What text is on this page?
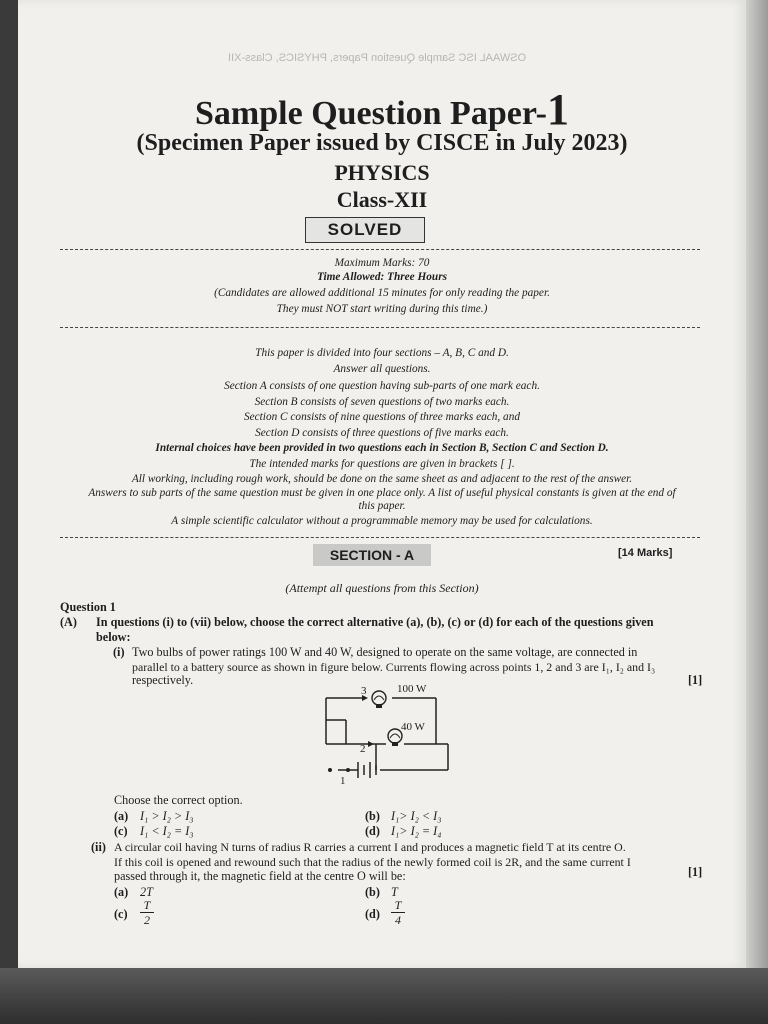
OSWAAL ISC Sample Question Papers, PHYSICS, Class-XII
Sample Question Paper-1
(Specimen Paper issued by CISCE in July 2023)
PHYSICS
Class-XII
SOLVED
Maximum Marks: 70
Time Allowed: Three Hours
(Candidates are allowed additional 15 minutes for only reading the paper.
They must NOT start writing during this time.)
This paper is divided into four sections – A, B, C and D.
Answer all questions.
Section A consists of one question having sub-parts of one mark each.
Section B consists of seven questions of two marks each.
Section C consists of nine questions of three marks each, and
Section D consists of three questions of five marks each.
Internal choices have been provided in two questions each in Section B, Section C and Section D.
The intended marks for questions are given in brackets [ ].
All working, including rough work, should be done on the same sheet as and adjacent to the rest of the answer.
Answers to sub parts of the same question must be given in one place only. A list of useful physical constants is given at the end of
this paper.
A simple scientific calculator without a programmable memory may be used for calculations.
SECTION - A	[14 Marks]
(Attempt all questions from this Section)
Question 1
(A) In questions (i) to (vii) below, choose the correct alternative (a), (b), (c) or (d) for each of the questions given
below:
(i) Two bulbs of power ratings 100 W and 40 W, designed to operate on the same voltage, are connected in
parallel to a battery source as shown in figure below. Currents flowing across points 1, 2 and 3 are I₁, I₂ and I₃
respectively.	[1]
3	100 W
40 W
2
1
Choose the correct option.
(a) I₁ > I₂ > I₃	(b) I₁> I₂ < I₃
(c) I₁ < I₂ = I₃	(d) I₁> I₂ = I₄
(ii) A circular coil having N turns of radius R carries a current I and produces a magnetic field T at its centre O.
If this coil is opened and rewound such that the radius of the newly formed coil is 2R, and the same current I
passed through it, the magnetic field at the centre O will be:	[1]
(a) 2T	(b) T
$(c) \frac{T}{2}$	$(d) \frac{T}{4}$
